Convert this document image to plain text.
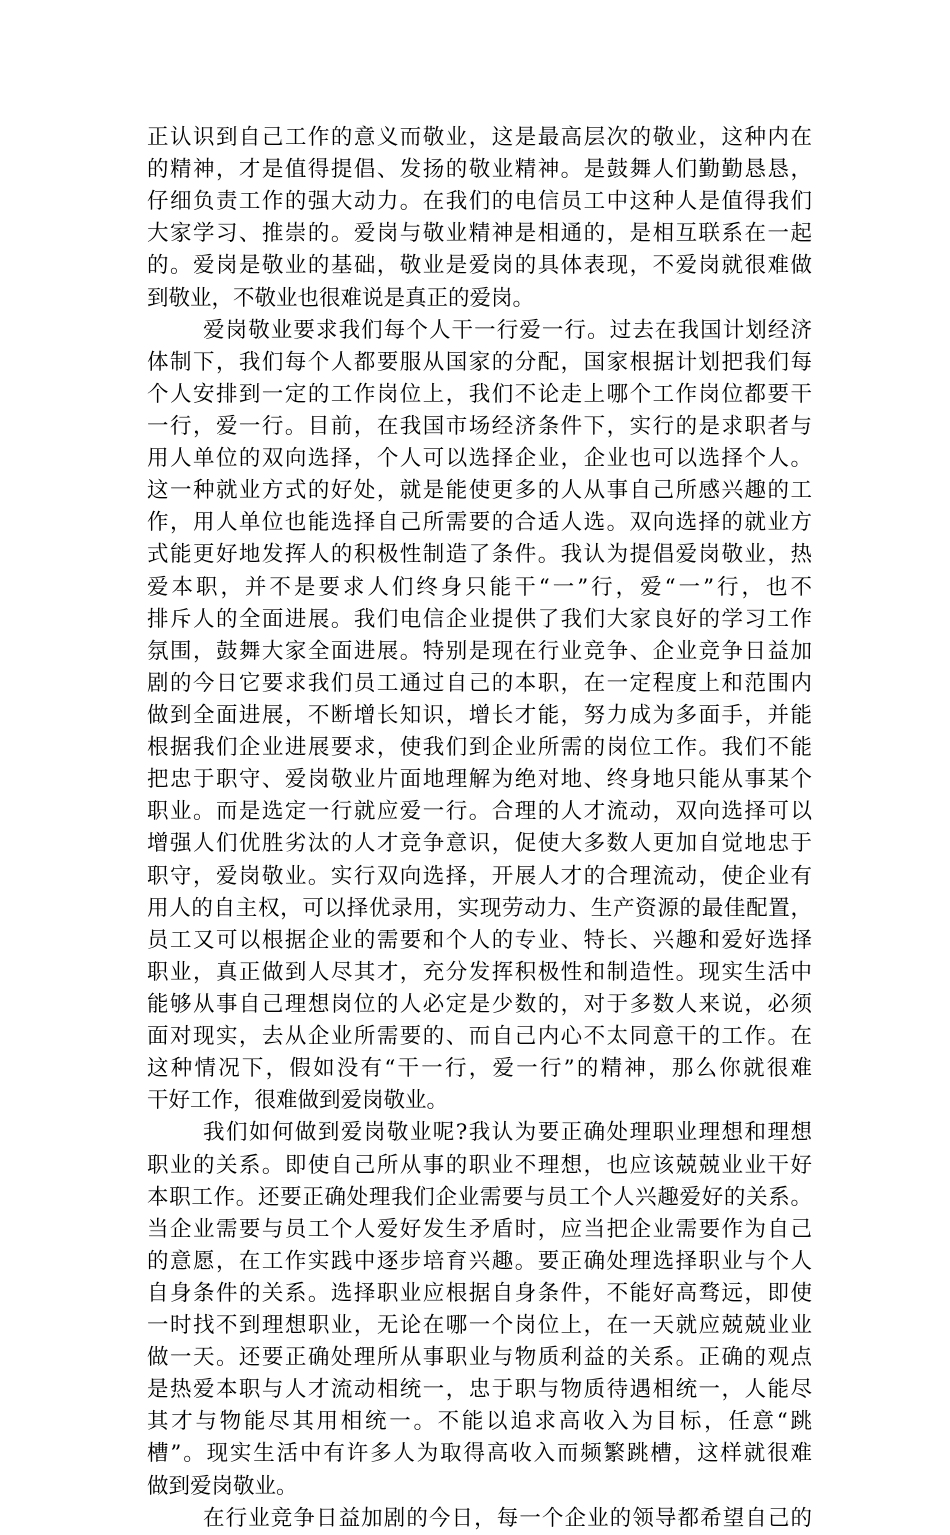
正认识到自己工作的意义而敬业，这是最高层次的敬业，这种内在
的精神，才是值得提倡、发扬的敬业精神。是鼓舞人们勤勤恳恳，
仔细负责工作的强大动力。在我们的电信员工中这种人是值得我们
大家学习、推崇的。爱岗与敬业精神是相通的，是相互联系在一起
的。爱岗是敬业的基础，敬业是爱岗的具体表现，不爱岗就很难做
到敬业，不敬业也很难说是真正的爱岗。
爱岗敬业要求我们每个人干一行爱一行。过去在我国计划经济
体制下，我们每个人都要服从国家的分配，国家根据计划把我们每
个人安排到一定的工作岗位上，我们不论走上哪个工作岗位都要干
一行，爱一行。目前，在我国市场经济条件下，实行的是求职者与
用人单位的双向选择，个人可以选择企业，企业也可以选择个人。
这一种就业方式的好处，就是能使更多的人从事自己所感兴趣的工
作，用人单位也能选择自己所需要的合适人选。双向选择的就业方
式能更好地发挥人的积极性制造了条件。我认为提倡爱岗敬业，热
爱本职，并不是要求人们终身只能干“一”行，爱“一”行，也不
排斥人的全面进展。我们电信企业提供了我们大家良好的学习工作
氛围，鼓舞大家全面进展。特别是现在行业竞争、企业竞争日益加
剧的今日它要求我们员工通过自己的本职，在一定程度上和范围内
做到全面进展，不断增长知识，增长才能，努力成为多面手，并能
根据我们企业进展要求，使我们到企业所需的岗位工作。我们不能
把忠于职守、爱岗敬业片面地理解为绝对地、终身地只能从事某个
职业。而是选定一行就应爱一行。合理的人才流动，双向选择可以
增强人们优胜劣汰的人才竞争意识，促使大多数人更加自觉地忠于
职守，爱岗敬业。实行双向选择，开展人才的合理流动，使企业有
用人的自主权，可以择优录用，实现劳动力、生产资源的最佳配置，
员工又可以根据企业的需要和个人的专业、特长、兴趣和爱好选择
职业，真正做到人尽其才，充分发挥积极性和制造性。现实生活中
能够从事自己理想岗位的人必定是少数的，对于多数人来说，必须
面对现实，去从企业所需要的、而自己内心不太同意干的工作。在
这种情况下，假如没有“干一行，爱一行”的精神，那么你就很难
干好工作，很难做到爱岗敬业。
我们如何做到爱岗敬业呢?我认为要正确处理职业理想和理想
职业的关系。即使自己所从事的职业不理想，也应该兢兢业业干好
本职工作。还要正确处理我们企业需要与员工个人兴趣爱好的关系。
当企业需要与员工个人爱好发生矛盾时，应当把企业需要作为自己
的意愿，在工作实践中逐步培育兴趣。要正确处理选择职业与个人
自身条件的关系。选择职业应根据自身条件，不能好高骛远，即使
一时找不到理想职业，无论在哪一个岗位上，在一天就应兢兢业业
做一天。还要正确处理所从事职业与物质利益的关系。正确的观点
是热爱本职与人才流动相统一，忠于职与物质待遇相统一，人能尽
其才与物能尽其用相统一。不能以追求高收入为目标，任意“跳
槽”。现实生活中有许多人为取得高收入而频繁跳槽，这样就很难
做到爱岗敬业。
在行业竞争日益加剧的今日，每一个企业的领导都希望自己的
